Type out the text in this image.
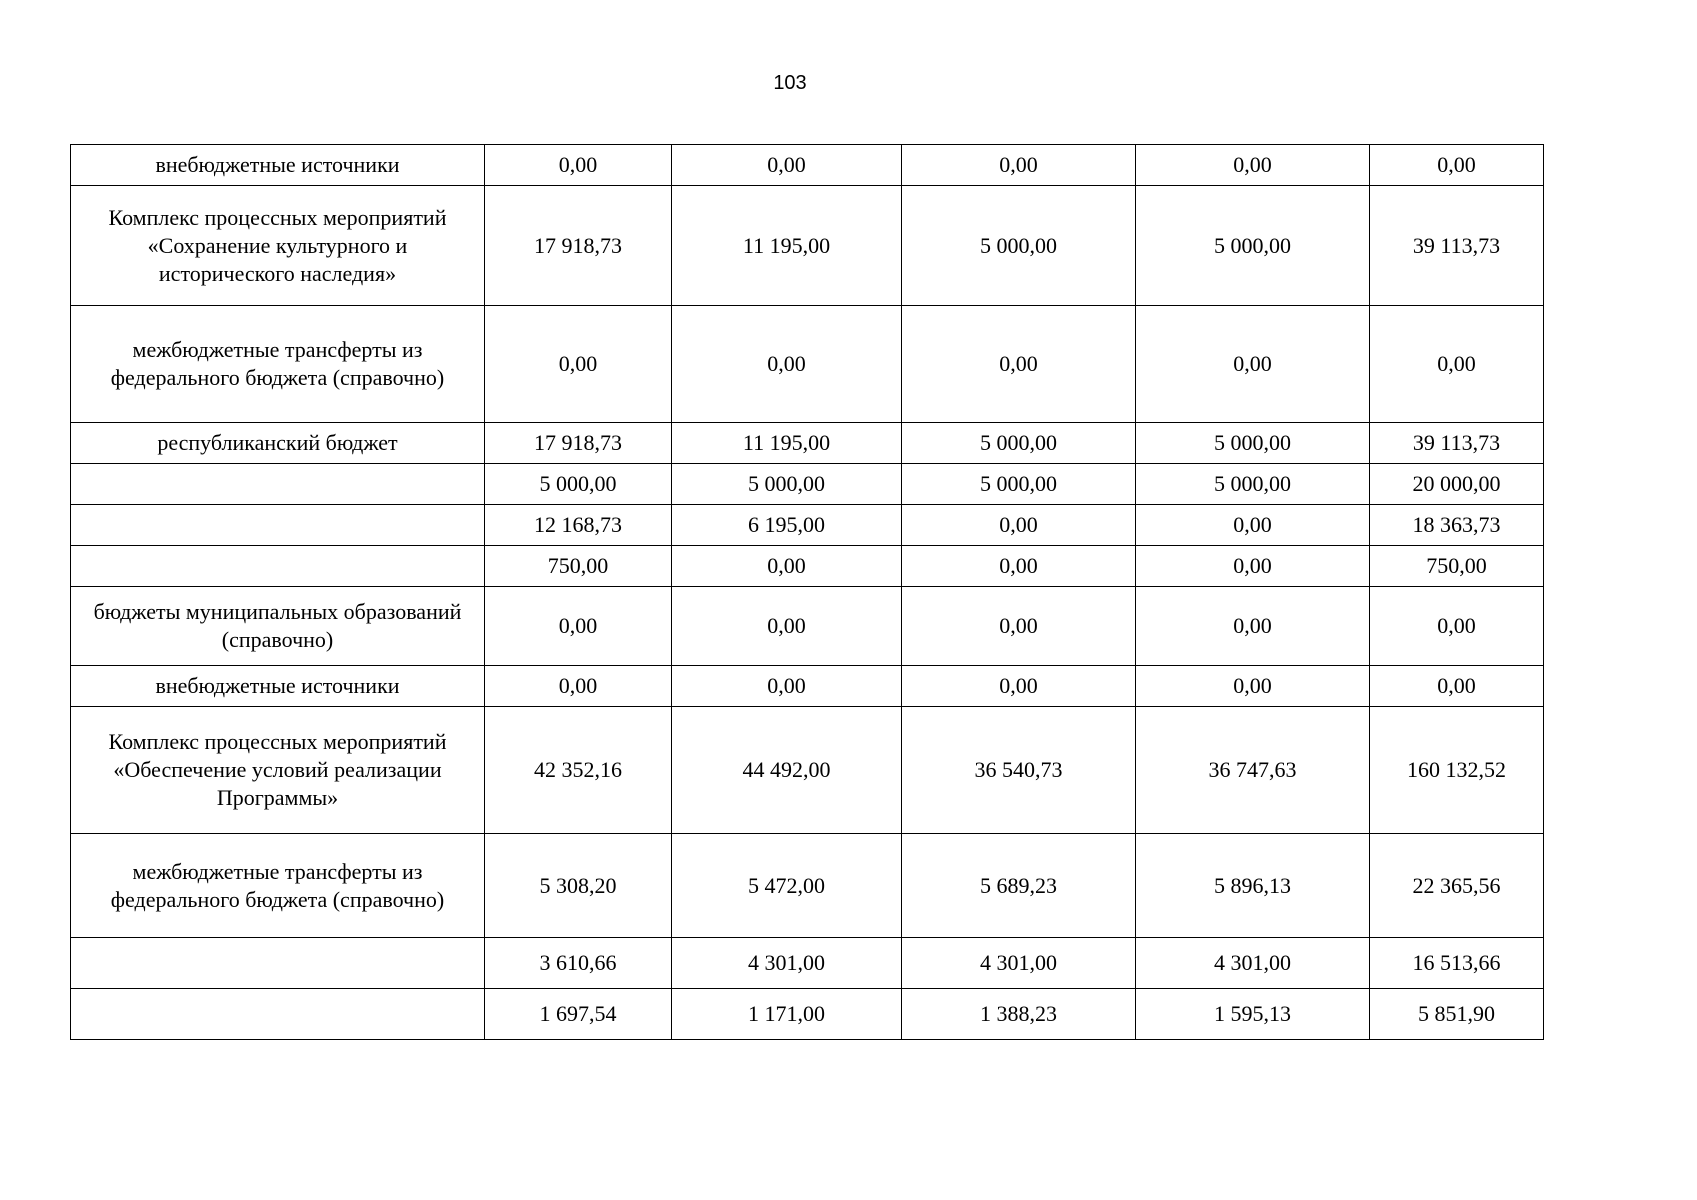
103
внебюджетные источники	0,00	0,00	0,00	0,00	0,00
Комплекс процессных мероприятий «Сохранение культурного и исторического наследия»	17 918,73	11 195,00	5 000,00	5 000,00	39 113,73
межбюджетные трансферты из федерального бюджета (справочно)	0,00	0,00	0,00	0,00	0,00
республиканский бюджет	17 918,73	11 195,00	5 000,00	5 000,00	39 113,73
	5 000,00	5 000,00	5 000,00	5 000,00	20 000,00
	12 168,73	6 195,00	0,00	0,00	18 363,73
	750,00	0,00	0,00	0,00	750,00
бюджеты муниципальных образований (справочно)	0,00	0,00	0,00	0,00	0,00
внебюджетные источники	0,00	0,00	0,00	0,00	0,00
Комплекс процессных мероприятий «Обеспечение условий реализации Программы»	42 352,16	44 492,00	36 540,73	36 747,63	160 132,52
межбюджетные трансферты из федерального бюджета (справочно)	5 308,20	5 472,00	5 689,23	5 896,13	22 365,56
	3 610,66	4 301,00	4 301,00	4 301,00	16 513,66
	1 697,54	1 171,00	1 388,23	1 595,13	5 851,90
